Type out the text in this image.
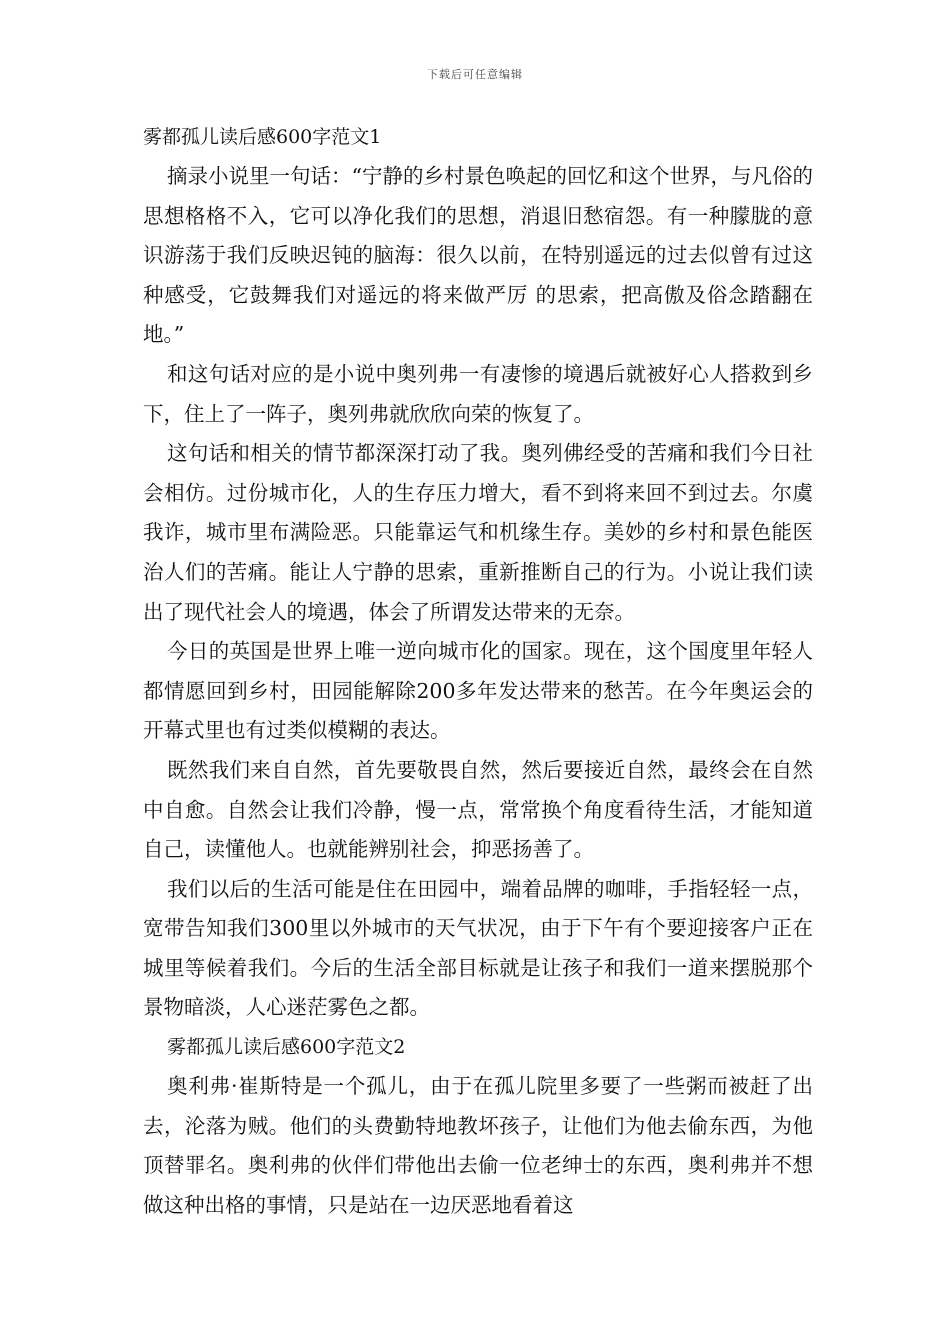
下载后可任意编辑

雾都孤儿读后感600字范文1

摘录小说里一句话：“宁静的乡村景色唤起的回忆和这个世界，与凡俗的思想格格不入，它可以净化我们的思想，消退旧愁宿怨。有一种朦胧的意识游荡于我们反映迟钝的脑海：很久以前，在特别遥远的过去似曾有过这种感受，它鼓舞我们对遥远的将来做严厉 的思索，把高傲及俗念踏翻在地。”

和这句话对应的是小说中奥列弗一有凄惨的境遇后就被好心人搭救到乡下，住上了一阵子，奥列弗就欣欣向荣的恢复了。

这句话和相关的情节都深深打动了我。奥列佛经受的苦痛和我们今日社会相仿。过份城市化，人的生存压力增大，看不到将来回不到过去。尔虞我诈，城市里布满险恶。只能靠运气和机缘生存。美妙的乡村和景色能医治人们的苦痛。能让人宁静的思索，重新推断自己的行为。小说让我们读出了现代社会人的境遇，体会了所谓发达带来的无奈。

今日的英国是世界上唯一逆向城市化的国家。现在，这个国度里年轻人都情愿回到乡村，田园能解除200多年发达带来的愁苦。在今年奥运会的开幕式里也有过类似模糊的表达。

既然我们来自自然，首先要敬畏自然，然后要接近自然，最终会在自然中自愈。自然会让我们冷静，慢一点，常常换个角度看待生活，才能知道自己，读懂他人。也就能辨别社会，抑恶扬善了。

我们以后的生活可能是住在田园中，端着品牌的咖啡，手指轻轻一点，宽带告知我们300里以外城市的天气状况，由于下午有个要迎接客户正在城里等候着我们。今后的生活全部目标就是让孩子和我们一道来摆脱那个景物暗淡，人心迷茫雾色之都。

雾都孤儿读后感600字范文2

奥利弗·崔斯特是一个孤儿，由于在孤儿院里多要了一些粥而被赶了出去，沦落为贼。他们的头费勤特地教坏孩子，让他们为他去偷东西，为他顶替罪名。奥利弗的伙伴们带他出去偷一位老绅士的东西，奥利弗并不想做这种出格的事情，只是站在一边厌恶地看着这
